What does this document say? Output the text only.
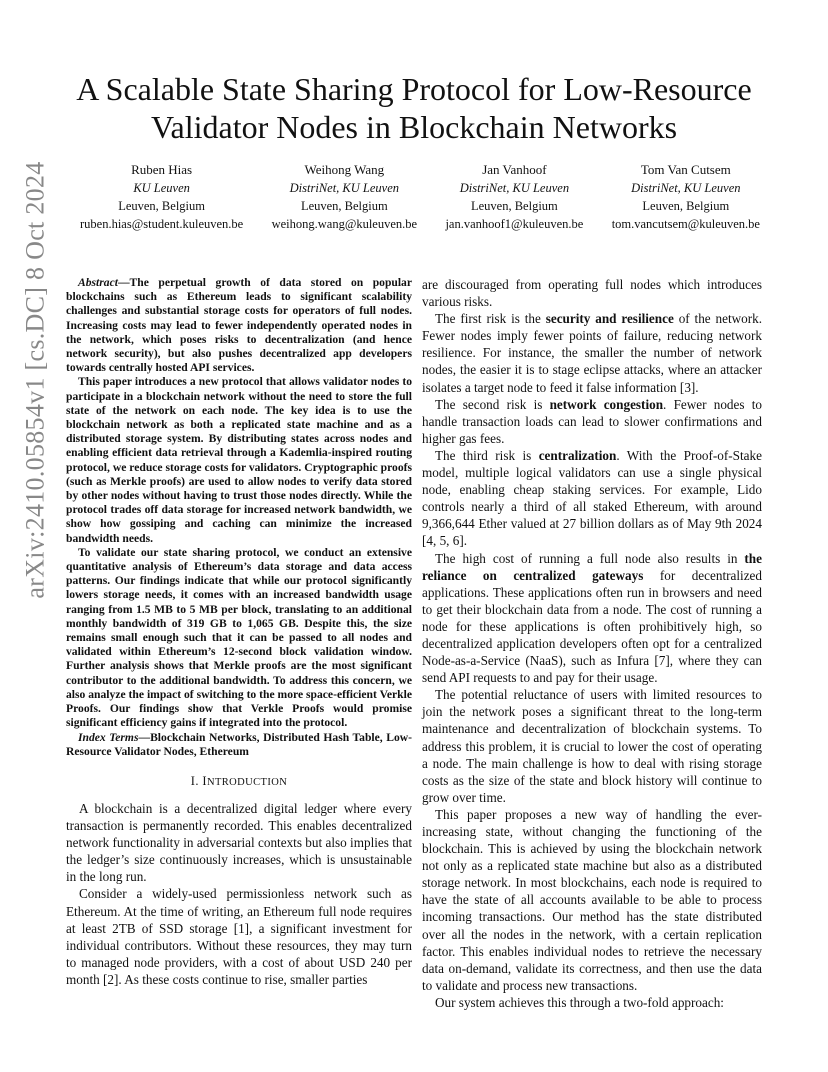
arXiv:2410.05854v1 [cs.DC] 8 Oct 2024
A Scalable State Sharing Protocol for Low-Resource
Validator Nodes in Blockchain Networks
Ruben Hias
KU Leuven
Leuven, Belgium
ruben.hias@student.kuleuven.be
Weihong Wang
DistriNet, KU Leuven
Leuven, Belgium
weihong.wang@kuleuven.be
Jan Vanhoof
DistriNet, KU Leuven
Leuven, Belgium
jan.vanhoof1@kuleuven.be
Tom Van Cutsem
DistriNet, KU Leuven
Leuven, Belgium
tom.vancutsem@kuleuven.be

Abstract—The perpetual growth of data stored on popular blockchains such as Ethereum leads to significant scalability challenges and substantial storage costs for operators of full nodes. Increasing costs may lead to fewer independently operated nodes in the network, which poses risks to decentralization (and hence network security), but also pushes decentralized app developers towards centrally hosted API services.

This paper introduces a new protocol that allows validator nodes to participate in a blockchain network without the need to store the full state of the network on each node. The key idea is to use the blockchain network as both a replicated state machine and as a distributed storage system. By distributing states across nodes and enabling efficient data retrieval through a Kademlia-inspired routing protocol, we reduce storage costs for validators. Cryptographic proofs (such as Merkle proofs) are used to allow nodes to verify data stored by other nodes without having to trust those nodes directly. While the protocol trades off data storage for increased network bandwidth, we show how gossiping and caching can minimize the increased bandwidth needs.

To validate our state sharing protocol, we conduct an extensive quantitative analysis of Ethereum’s data storage and data access patterns. Our findings indicate that while our protocol significantly lowers storage needs, it comes with an increased bandwidth usage ranging from 1.5 MB to 5 MB per block, translating to an additional monthly bandwidth of 319 GB to 1,065 GB. Despite this, the size remains small enough such that it can be passed to all nodes and validated within Ethereum’s 12-second block validation window. Further analysis shows that Merkle proofs are the most significant contributor to the additional bandwidth. To address this concern, we also analyze the impact of switching to the more space-efficient Verkle Proofs. Our findings show that Verkle Proofs would promise significant efficiency gains if integrated into the protocol.

Index Terms—Blockchain Networks, Distributed Hash Table, Low-Resource Validator Nodes, Ethereum

I. INTRODUCTION

A blockchain is a decentralized digital ledger where every transaction is permanently recorded. This enables decentralized network functionality in adversarial contexts but also implies that the ledger’s size continuously increases, which is unsustainable in the long run.

Consider a widely-used permissionless network such as Ethereum. At the time of writing, an Ethereum full node requires at least 2TB of SSD storage [1], a significant investment for individual contributors. Without these resources, they may turn to managed node providers, with a cost of about USD 240 per month [2]. As these costs continue to rise, smaller parties

are discouraged from operating full nodes which introduces various risks.

The first risk is the security and resilience of the network. Fewer nodes imply fewer points of failure, reducing network resilience. For instance, the smaller the number of network nodes, the easier it is to stage eclipse attacks, where an attacker isolates a target node to feed it false information [3].

The second risk is network congestion. Fewer nodes to handle transaction loads can lead to slower confirmations and higher gas fees.

The third risk is centralization. With the Proof-of-Stake model, multiple logical validators can use a single physical node, enabling cheap staking services. For example, Lido controls nearly a third of all staked Ethereum, with around 9,366,644 Ether valued at 27 billion dollars as of May 9th 2024 [4, 5, 6].

The high cost of running a full node also results in the reliance on centralized gateways for decentralized applications. These applications often run in browsers and need to get their blockchain data from a node. The cost of running a node for these applications is often prohibitively high, so decentralized application developers often opt for a centralized Node-as-a-Service (NaaS), such as Infura [7], where they can send API requests to and pay for their usage.

The potential reluctance of users with limited resources to join the network poses a significant threat to the long-term maintenance and decentralization of blockchain systems. To address this problem, it is crucial to lower the cost of operating a node. The main challenge is how to deal with rising storage costs as the size of the state and block history will continue to grow over time.

This paper proposes a new way of handling the ever-increasing state, without changing the functioning of the blockchain. This is achieved by using the blockchain network not only as a replicated state machine but also as a distributed storage network. In most blockchains, each node is required to have the state of all accounts available to be able to process incoming transactions. Our method has the state distributed over all the nodes in the network, with a certain replication factor. This enables individual nodes to retrieve the necessary data on-demand, validate its correctness, and then use the data to validate and process new transactions.

Our system achieves this through a two-fold approach:
